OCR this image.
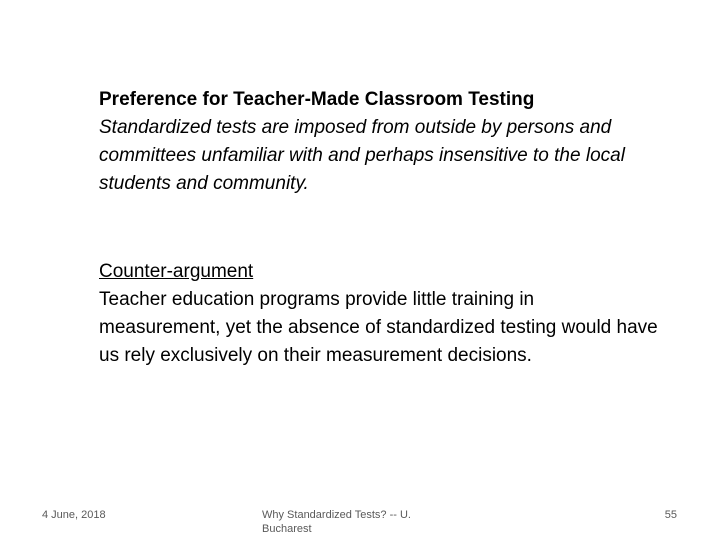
Preference for Teacher-Made Classroom Testing
Standardized tests are imposed from outside by persons and committees unfamiliar with and perhaps insensitive to the local students and community.
Counter-argument
Teacher education programs provide little training in measurement, yet the absence of standardized testing would have us rely exclusively on their measurement decisions.
4 June, 2018	Why Standardized Tests? -- U. Bucharest
55
